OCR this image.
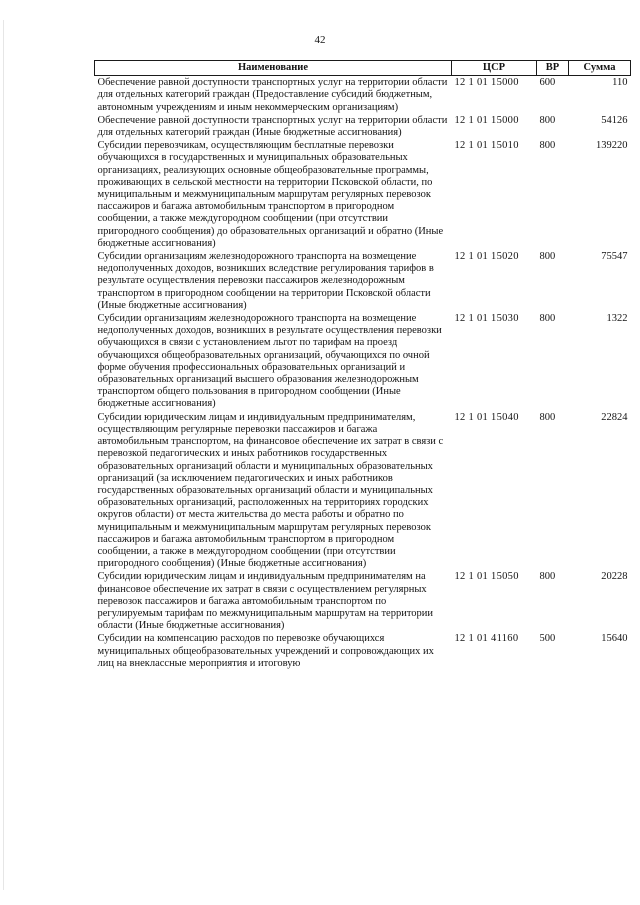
42
Наименование	ЦСР	ВР	Сумма
Обеспечение равной доступности транспортных услуг на территории области для отдельных категорий граждан (Предоставление субсидий бюджетным, автономным учреждениям и иным некоммерческим организациям)	12 1 01 15000	600	110
Обеспечение равной доступности транспортных услуг на территории области для отдельных категорий граждан (Иные бюджетные ассигнования)	12 1 01 15000	800	54126
Субсидии перевозчикам, осуществляющим бесплатные перевозки обучающихся в государственных и муниципальных образовательных организациях, реализующих основные общеобразовательные программы, проживающих в сельской местности на территории Псковской области, по муниципальным и межмуниципальным маршрутам регулярных перевозок пассажиров и багажа автомобильным транспортом в пригородном сообщении, а также междугородном сообщении (при отсутствии пригородного сообщения) до образовательных организаций и обратно (Иные бюджетные ассигнования)	12 1 01 15010	800	139220
Субсидии организациям железнодорожного транспорта на возмещение недополученных доходов, возникших вследствие регулирования тарифов в результате осуществления перевозки пассажиров железнодорожным транспортом в пригородном сообщении на территории Псковской области (Иные бюджетные ассигнования)	12 1 01 15020	800	75547
Субсидии организациям железнодорожного транспорта на возмещение недополученных доходов, возникших в результате осуществления перевозки обучающихся в связи с установлением льгот по тарифам на проезд обучающихся общеобразовательных организаций, обучающихся по очной форме обучения профессиональных образовательных организаций и образовательных организаций высшего образования железнодорожным транспортом общего пользования в пригородном сообщении (Иные бюджетные ассигнования)	12 1 01 15030	800	1322
Субсидии юридическим лицам и индивидуальным предпринимателям, осуществляющим регулярные перевозки пассажиров и багажа автомобильным транспортом, на финансовое обеспечение их затрат в связи с перевозкой педагогических и иных работников государственных образовательных организаций области и муниципальных образовательных организаций (за исключением педагогических и иных работников государственных образовательных организаций области и муниципальных образовательных организаций, расположенных на территориях городских округов области) от места жительства до места работы и обратно по муниципальным и межмуниципальным маршрутам регулярных перевозок пассажиров и багажа автомобильным транспортом в пригородном сообщении, а также в междугородном сообщении (при отсутствии пригородного сообщения) (Иные бюджетные ассигнования)	12 1 01 15040	800	22824
Субсидии юридическим лицам и индивидуальным предпринимателям на финансовое обеспечение их затрат в связи с осуществлением регулярных перевозок пассажиров и багажа автомобильным транспортом по регулируемым тарифам по межмуниципальным маршрутам на территории области (Иные бюджетные ассигнования)	12 1 01 15050	800	20228
Субсидии на компенсацию расходов по перевозке обучающихся муниципальных общеобразовательных учреждений и сопровождающих их лиц на внеклассные мероприятия и итоговую	12 1 01 41160	500	15640
